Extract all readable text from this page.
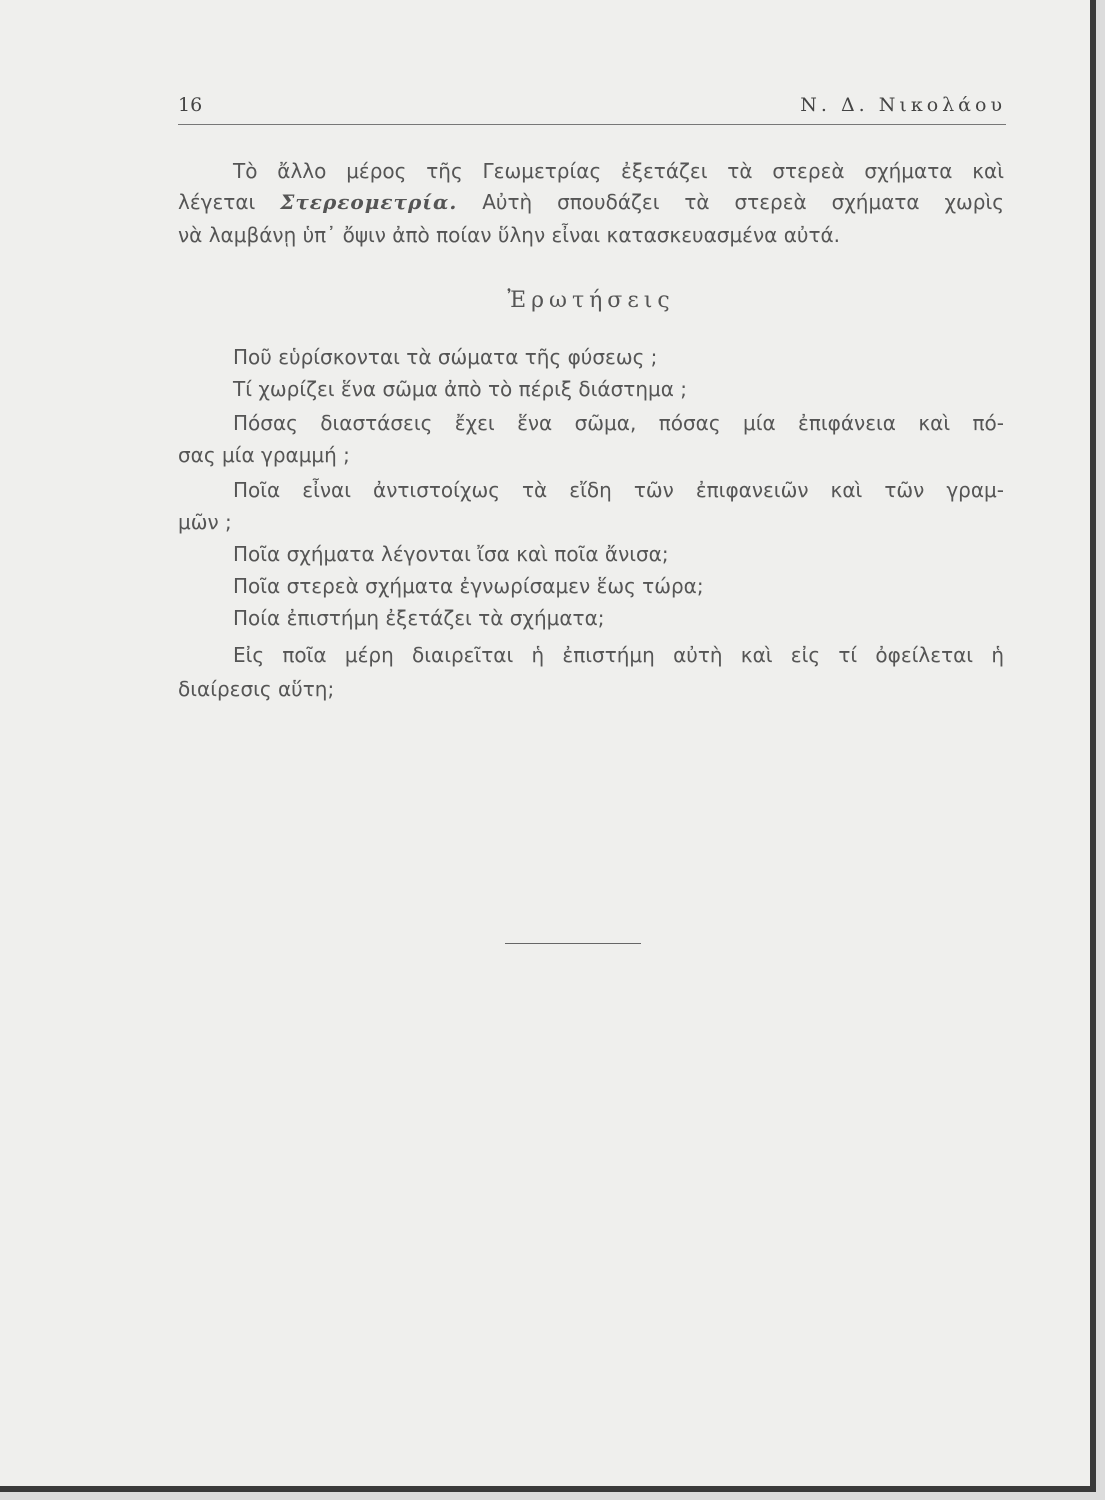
16	Ν. Δ. Νικολάου
Τὸ ἄλλο μέρος τῆς Γεωμετρίας ἐξετάζει τὰ στερεὰ σχήματα καὶ
λέγεται Στερεομετρία. Αὐτὴ σπουδάζει τὰ στερεὰ σχήματα χωρὶς
νὰ λαμβάνῃ ὑπ᾽ ὄψιν ἀπὸ ποίαν ὕλην εἶναι κατασκευασμένα αὐτά.
Ἐρωτήσεις
Ποῦ εὑρίσκονται τὰ σώματα τῆς φύσεως ;
Τί χωρίζει ἕνα σῶμα ἀπὸ τὸ πέριξ διάστημα ;
Πόσας διαστάσεις ἔχει ἕνα σῶμα, πόσας μία ἐπιφάνεια καὶ πό-
σας μία γραμμή ;
Ποῖα εἶναι ἀντιστοίχως τὰ εἴδη τῶν ἐπιφανειῶν καὶ τῶν γραμ-
μῶν ;
Ποῖα σχήματα λέγονται ἴσα καὶ ποῖα ἄνισα;
Ποῖα στερεὰ σχήματα ἐγνωρίσαμεν ἕως τώρα;
Ποία ἐπιστήμη ἐξετάζει τὰ σχήματα;
Εἰς ποῖα μέρη διαιρεῖται ἡ ἐπιστήμη αὐτὴ καὶ εἰς τί ὀφείλεται ἡ
διαίρεσις αὕτη;
